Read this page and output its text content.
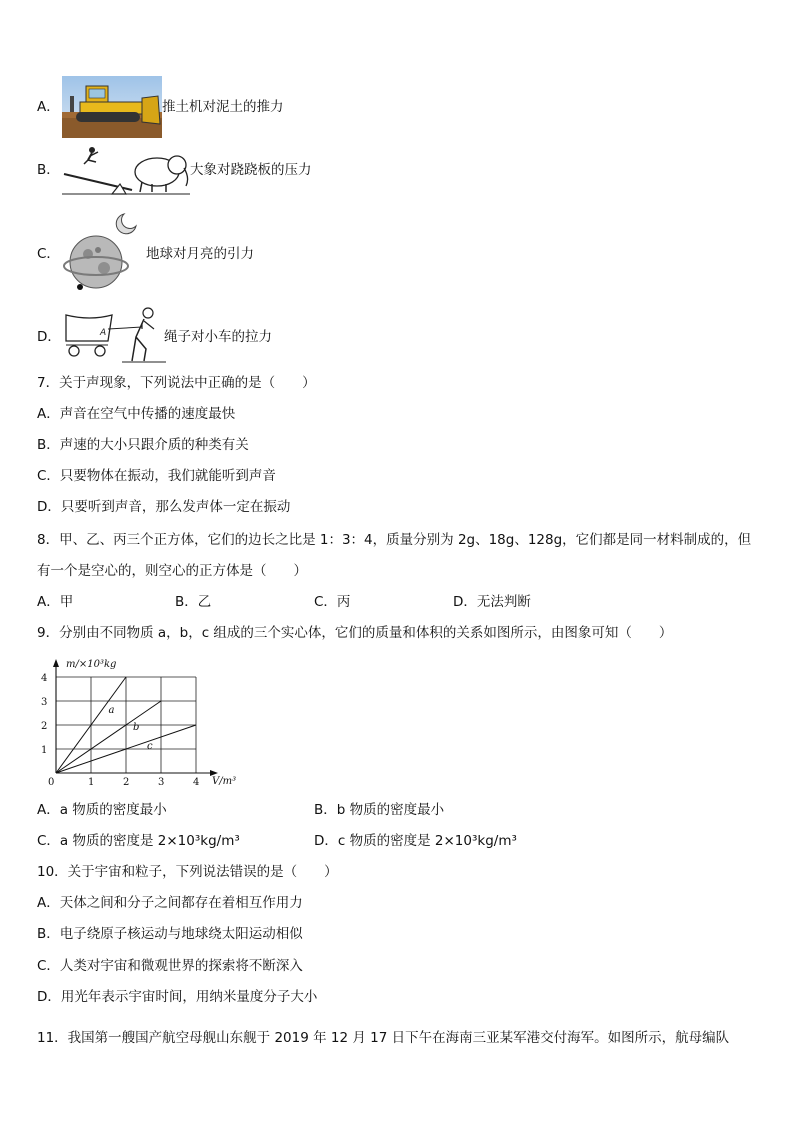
A．	推土机对泥土的推力
B．	大象对跷跷板的压力
C．	地球对月亮的引力
D．	A	绳子对小车的拉力
7．关于声现象，下列说法中正确的是（　　）
A．声音在空气中传播的速度最快
B．声速的大小只跟介质的种类有关
C．只要物体在振动，我们就能听到声音
D．只要听到声音，那么发声体一定在振动
8．甲、乙、丙三个正方体，它们的边长之比是 1：3：4，质量分别为 2g、18g、128g，它们都是同一材料制成的，但
有一个是空心的，则空心的正方体是（　　）
A．甲	B．乙	C．丙	D．无法判断
9．分别由不同物质 a，b，c 组成的三个实心体，它们的质量和体积的关系如图所示，由图象可知（　　）
a
b
c
1	2	3	4
1
2
3
4
0
m/×10³kg
V/m³
A．a 物质的密度最小	B．b 物质的密度最小
C．a 物质的密度是 2×10³kg/m³	D．c 物质的密度是 2×10³kg/m³
10．关于宇宙和粒子，下列说法错误的是（　　）
A．天体之间和分子之间都存在着相互作用力
B．电子绕原子核运动与地球绕太阳运动相似
C．人类对宇宙和微观世界的探索将不断深入
D．用光年表示宇宙时间，用纳米量度分子大小
11．我国第一艘国产航空母舰山东舰于 2019 年 12 月 17 日下午在海南三亚某军港交付海军。如图所示，航母编队
